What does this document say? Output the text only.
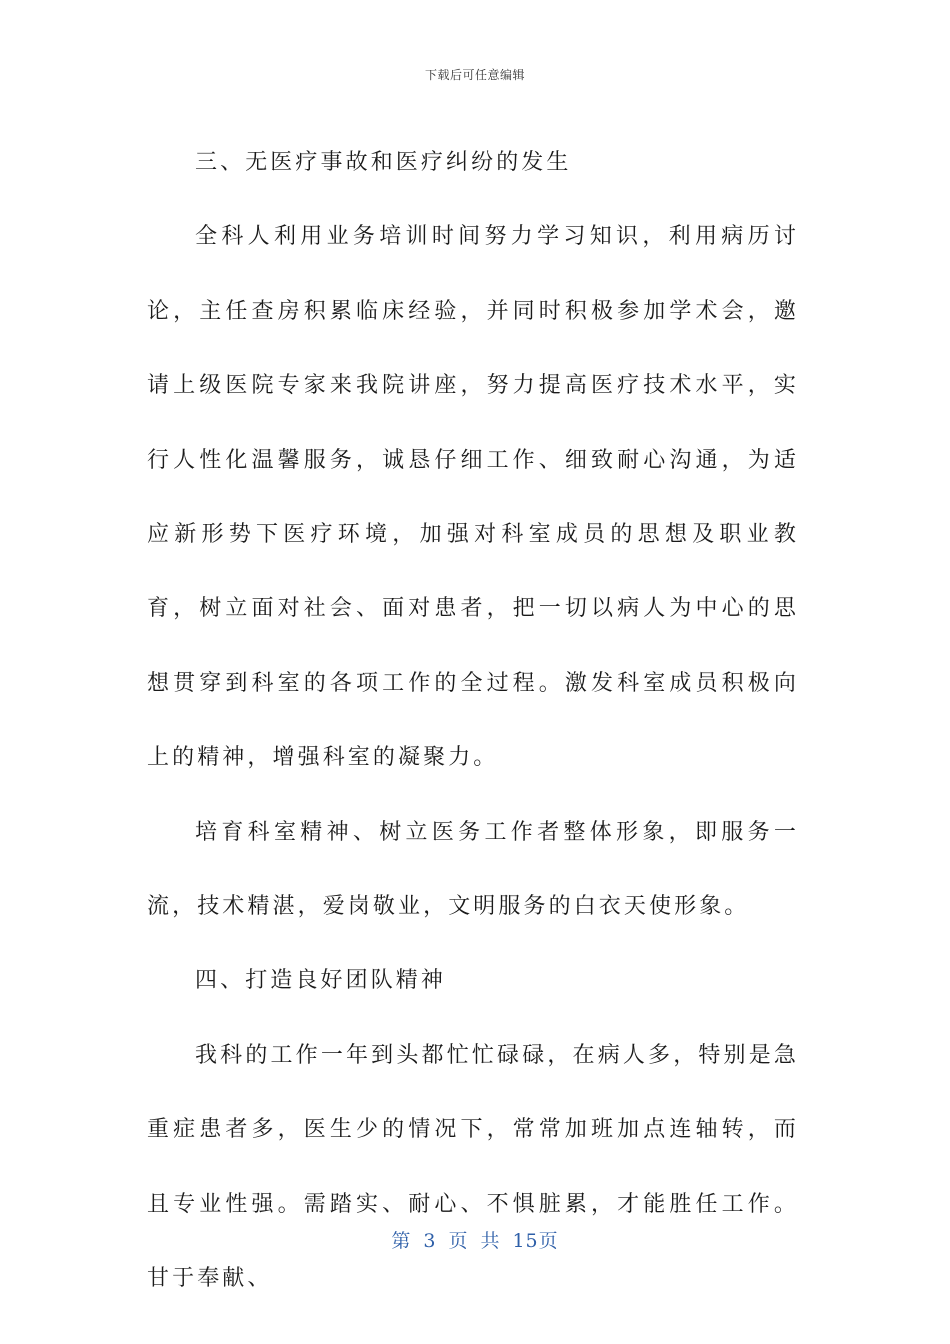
下载后可任意编辑

三、无医疗事故和医疗纠纷的发生

全科人利用业务培训时间努力学习知识，利用病历讨论，主任查房积累临床经验，并同时积极参加学术会，邀请上级医院专家来我院讲座，努力提高医疗技术水平，实行人性化温馨服务，诚恳仔细工作、细致耐心沟通，为适应新形势下医疗环境，加强对科室成员的思想及职业教育，树立面对社会、面对患者，把一切以病人为中心的思想贯穿到科室的各项工作的全过程。激发科室成员积极向上的精神，增强科室的凝聚力。

培育科室精神、树立医务工作者整体形象，即服务一流，技术精湛，爱岗敬业，文明服务的白衣天使形象。

四、打造良好团队精神

我科的工作一年到头都忙忙碌碌，在病人多，特别是急重症患者多，医生少的情况下，常常加班加点连轴转，而且专业性强。需踏实、耐心、不惧脏累，才能胜任工作。甘于奉献、

第 3 页 共 15页
